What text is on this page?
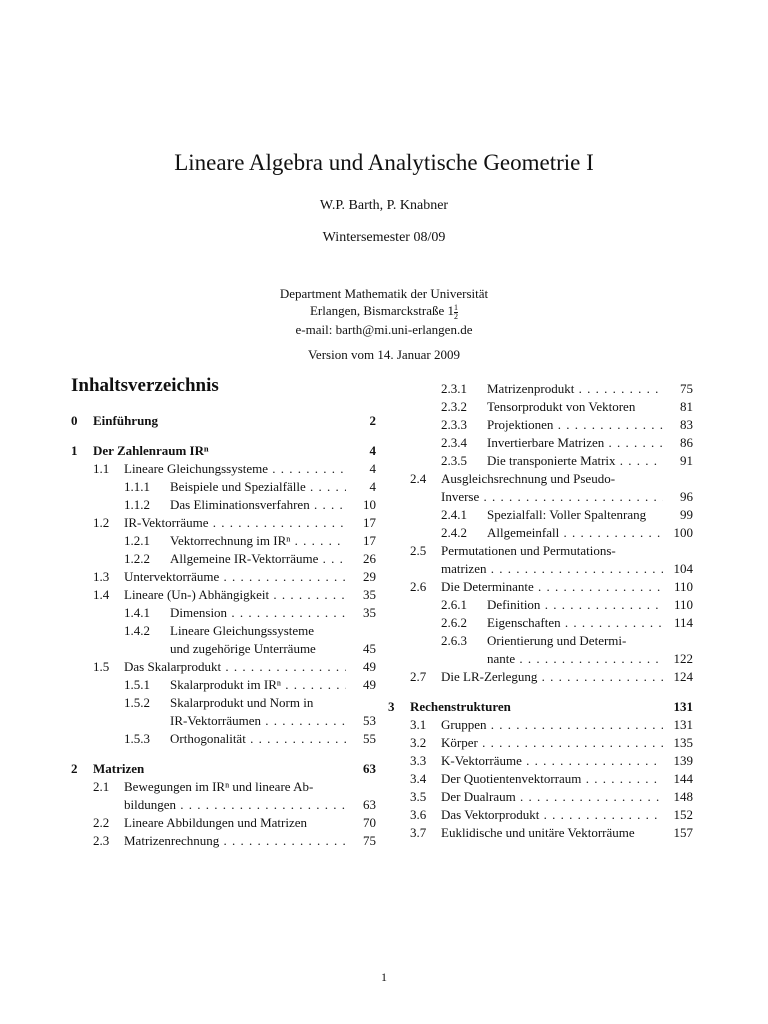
Lineare Algebra und Analytische Geometrie I
W.P. Barth, P. Knabner
Wintersemester 08/09
Department Mathematik der Universität
Erlangen, Bismarckstraße $1 \frac{1}{2}$
e-mail: barth@mi.uni-erlangen.de
Version vom 14. Januar 2009
Inhaltsverzeichnis
0 Einführung	2
1 Der Zahlenraum IRⁿ	4
1.1 Lineare Gleichungssysteme . . .	4
1.1.1 Beispiele und Spezialfälle . . .	4
1.1.2 Das Eliminationsverfahren . . .	10
1.2 IR-Vektorräume . . .	17
1.2.1 Vektorrechnung im IRⁿ . . .	17
1.2.2 Allgemeine IR-Vektorräume . . .	26
1.3 Untervektorräume . . .	29
1.4 Lineare (Un-) Abhängigkeit . . .	35
1.4.1 Dimension . . .	35
1.4.2 Lineare Gleichungssysteme
und zugehörige Unterräume	45
1.5 Das Skalarprodukt . . .	49
1.5.1 Skalarprodukt im IRⁿ . . .	49
1.5.2 Skalarprodukt und Norm in
IR-Vektorräumen . . .	53
1.5.3 Orthogonalität . . .	55
2 Matrizen	63
2.1 Bewegungen im IRⁿ und lineare Ab-
bildungen . . .	63
2.2 Lineare Abbildungen und Matrizen	70
2.3 Matrizenrechnung . . .	75
2.3.1 Matrizenprodukt . . .	75
2.3.2 Tensorprodukt von Vektoren	81
2.3.3 Projektionen . . .	83
2.3.4 Invertierbare Matrizen . . .	86
2.3.5 Die transponierte Matrix . . .	91
2.4 Ausgleichsrechnung und Pseudo-
Inverse . . .	96
2.4.1 Spezialfall: Voller Spaltenrang	99
2.4.2 Allgemeinfall . . .	100
2.5 Permutationen und Permutations-
matrizen . . .	104
2.6 Die Determinante . . .	110
2.6.1 Definition . . .	110
2.6.2 Eigenschaften . . .	114
2.6.3 Orientierung und Determi-
nante . . .	122
2.7 Die LR-Zerlegung . . .	124
3 Rechenstrukturen	131
3.1 Gruppen . . .	131
3.2 Körper . . .	135
3.3 K-Vektorräume . . .	139
3.4 Der Quotientenvektorraum . . .	144
3.5 Der Dualraum . . .	148
3.6 Das Vektorprodukt . . .	152
3.7 Euklidische und unitäre Vektorräume	157
1
